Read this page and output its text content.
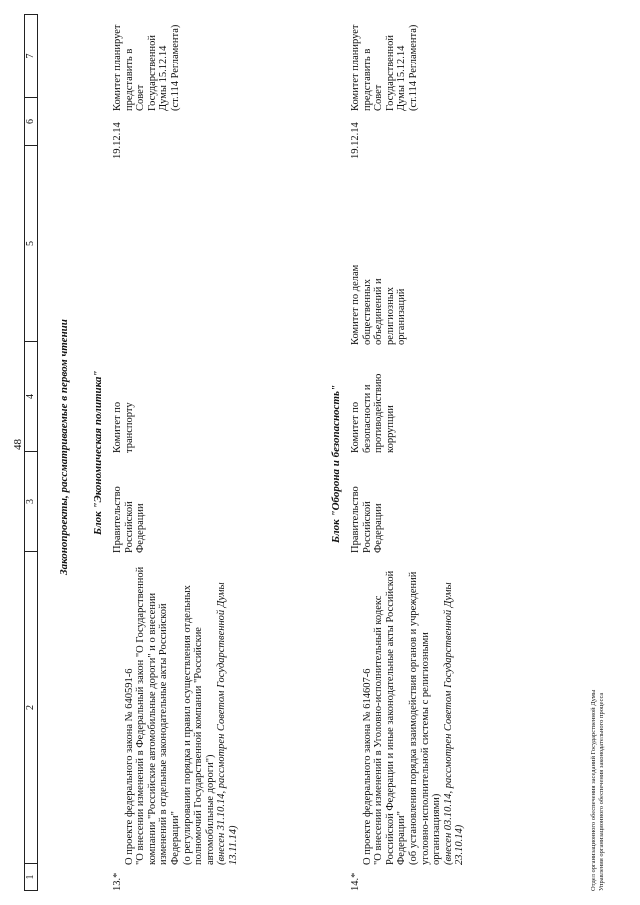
48
1
2
3
4
5
6
7
Законопроекты, рассматриваемые в первом чтении Блок "Экономическая политика"
13.*

О проекте федерального закона № 640591-6
"О внесении изменений в Федеральный закон "О Государственной компании "Российские автомобильные дороги" и о внесении изменений в отдельные законодательные акты Российской Федерации"
(о регулировании порядка и правил осуществления отдельных полномочий Государственной компании "Российские автомобильные дороги") (внесен 31.10.14, рассмотрен Советом Государственной Думы 13.11.14)

Правительство Российской Федерации
Комитет по транспорту
19.12.14
Комитет планирует представить в Совет Государственной Думы 15.12.14
(ст.114 Регламента)
Блок "Оборона и безопасность"
14.*

О проекте федерального закона № 614607-6
"О внесении изменений в Уголовно-исполнительный кодекс Российской Федерации и иные законодательные акты Российской Федерации"
(об установления порядка взаимодействия органов и учреждений уголовно-исполнительной системы с религиозными организациями) (внесен 03.10.14, рассмотрен Советом Государственной Думы 23.10.14)

Правительство Российской Федерации
Комитет по безопасности и противодействию коррупции
Комитет по делам общественных объединений и религиозных организаций
19.12.14
Комитет планирует представить в Совет Государственной Думы 15.12.14
(ст.114 Регламента)
Отдел организационного обеспечения заседаний Государственной Думы
Управления организационного обеспечения законодательного процесса
